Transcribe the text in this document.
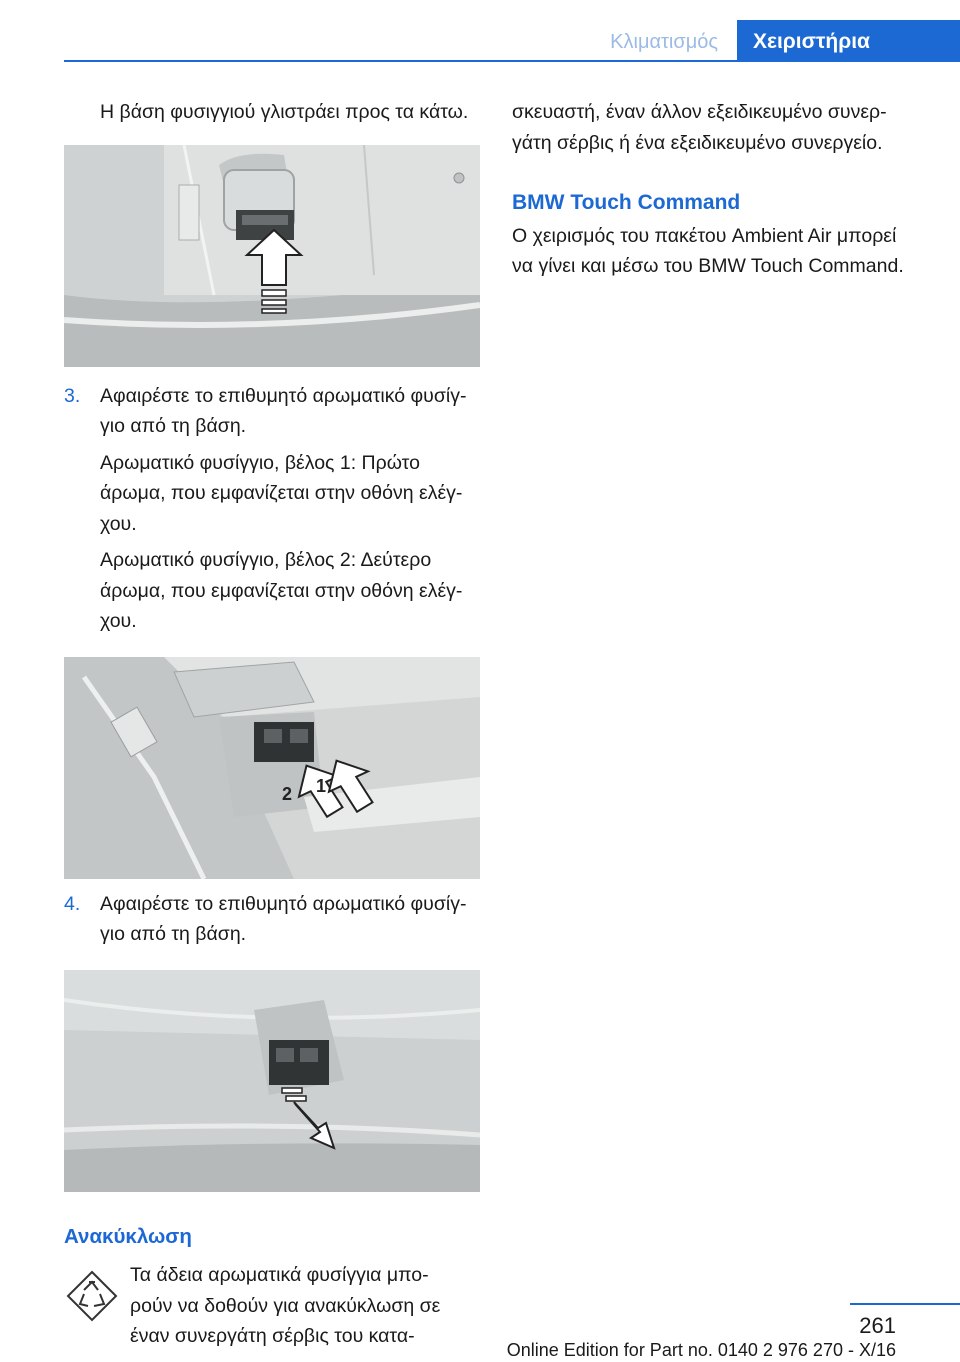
Κλιματισμός	Χειριστήρια

Η βάση φυσιγγιού γλιστράει προς τα κάτω.

3. Αφαιρέστε το επιθυμητό αρωματικό φυσίγ-
γιο από τη βάση.

Αρωματικό φυσίγγιο, βέλος 1: Πρώτο
άρωμα, που εμφανίζεται στην οθόνη ελέγ-
χου.

Αρωματικό φυσίγγιο, βέλος 2: Δεύτερο
άρωμα, που εμφανίζεται στην οθόνη ελέγ-
χου.

2 1
4. Αφαιρέστε το επιθυμητό αρωματικό φυσίγ-
γιο από τη βάση.

Ανακύκλωση

Τα άδεια αρωματικά φυσίγγια μπο-
ρούν να δοθούν για ανακύκλωση σε
έναν συνεργάτη σέρβις του κατα-

σκευαστή, έναν άλλον εξειδικευμένο συνερ-
γάτη σέρβις ή ένα εξειδικευμένο συνεργείο.

BMW Touch Command

Ο χειρισμός του πακέτου Ambient Air μπορεί
να γίνει και μέσω του BMW Touch Command.

261
Online Edition for Part no. 0140 2 976 270 - X/16
